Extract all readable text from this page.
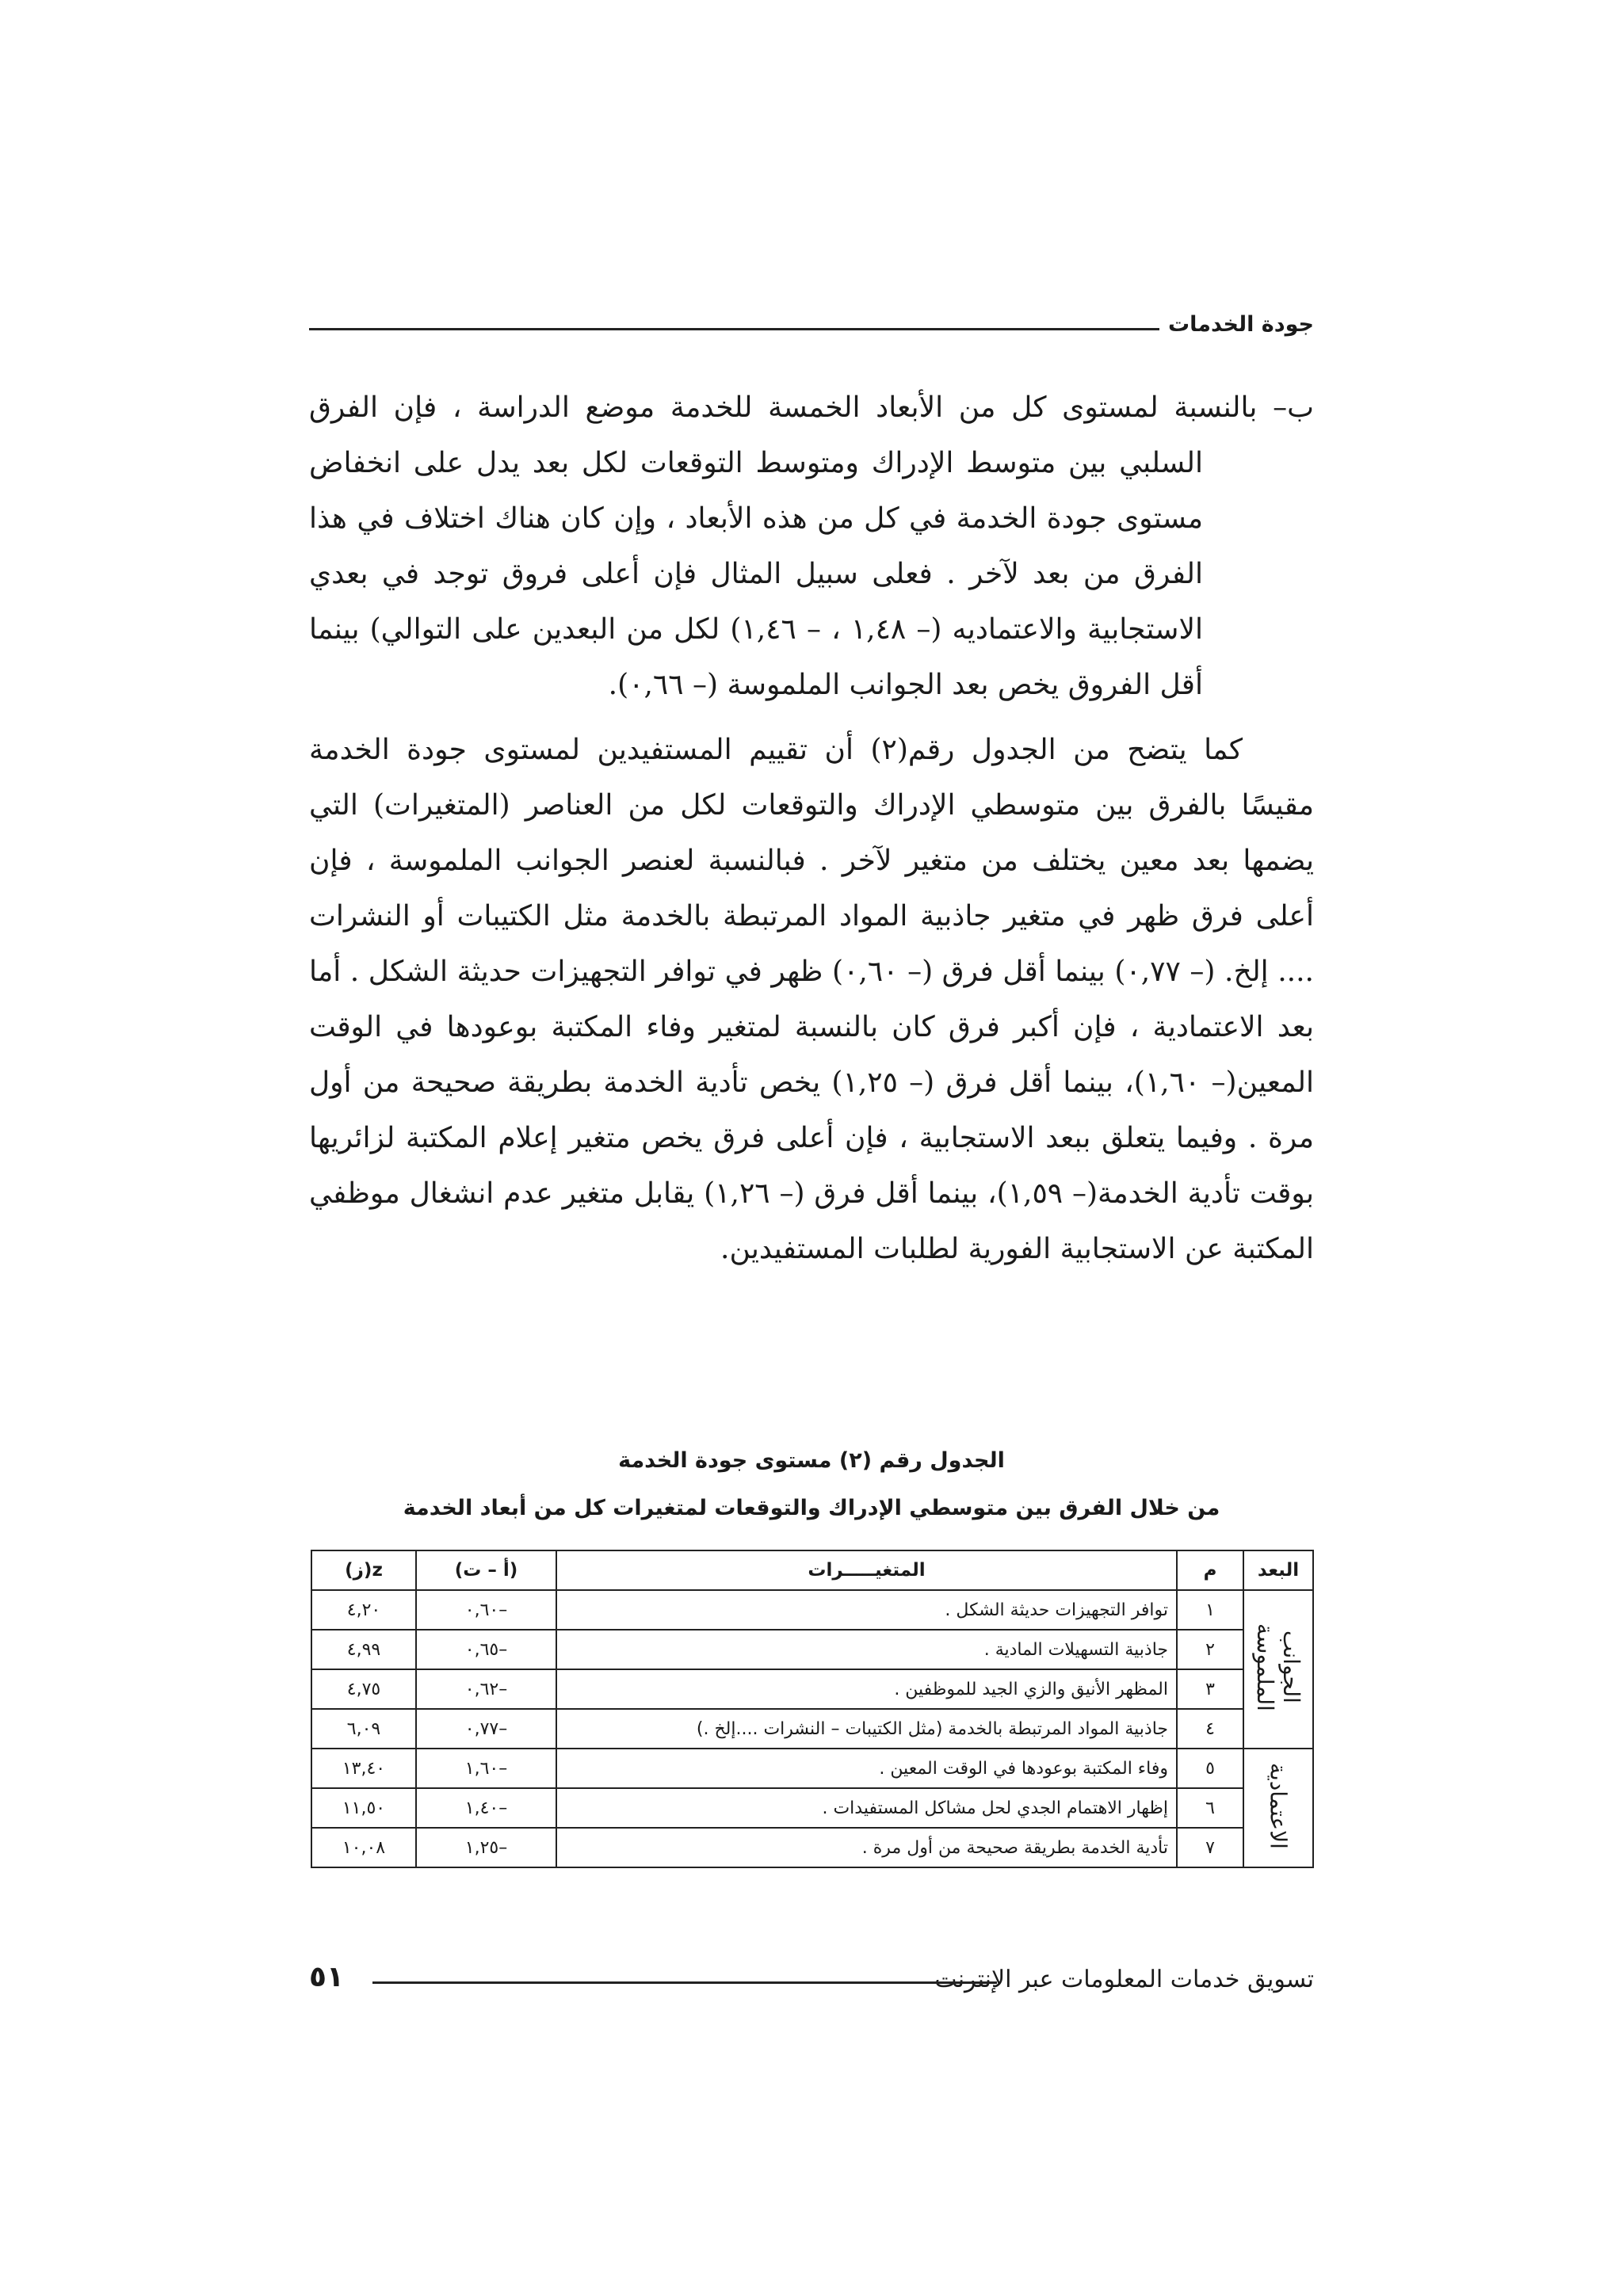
جودة الخدمات

ب– بالنسبة لمستوى كل من الأبعاد الخمسة للخدمة موضع الدراسة ، فإن الفرق السلبي بين متوسط الإدراك ومتوسط التوقعات لكل بعد يدل على انخفاض مستوى جودة الخدمة في كل من هذه الأبعاد ، وإن كان هناك اختلاف في هذا الفرق من بعد لآخر . فعلى سبيل المثال فإن أعلى فروق توجد في بعدي الاستجابية والاعتماديه (– ١,٤٨ ، – ١,٤٦) لكل من البعدين على التوالي) بينما أقل الفروق يخص بعد الجوانب الملموسة (– ٠,٦٦).

كما يتضح من الجدول رقم(٢) أن تقييم المستفيدين لمستوى جودة الخدمة مقيسًا بالفرق بين متوسطي الإدراك والتوقعات لكل من العناصر (المتغيرات) التي يضمها بعد معين يختلف من متغير لآخر . فبالنسبة لعنصر الجوانب الملموسة ، فإن أعلى فرق ظهر في متغير جاذبية المواد المرتبطة بالخدمة مثل الكتيبات أو النشرات .... إلخ. (– ٠,٧٧) بينما أقل فرق (– ٠,٦٠) ظهر في توافر التجهيزات حديثة الشكل . أما بعد الاعتمادية ، فإن أكبر فرق كان بالنسبة لمتغير وفاء المكتبة بوعودها في الوقت المعين(– ١,٦٠)، بينما أقل فرق (– ١,٢٥) يخص تأدية الخدمة بطريقة صحيحة من أول مرة . وفيما يتعلق ببعد الاستجابية ، فإن أعلى فرق يخص متغير إعلام المكتبة لزائريها بوقت تأدية الخدمة(– ١,٥٩)، بينما أقل فرق (– ١,٢٦) يقابل متغير عدم انشغال موظفي المكتبة عن الاستجابية الفورية لطلبات المستفيدين.

الجدول رقم (٢) مستوى جودة الخدمة
من خلال الفرق بين متوسطي الإدراك والتوقعات لمتغيرات كل من أبعاد الخدمة
البعد	م	المتغيـــــرات	(أ – ت)	z(ز)
الجوانب الملموسة	١	توافر التجهيزات حديثة الشكل .	–٠,٦٠	٤,٢٠
	٢	جاذبية التسهيلات المادية .	–٠,٦٥	٤,٩٩
	٣	المظهر الأنيق والزي الجيد للموظفين .	–٠,٦٢	٤,٧٥
	٤	جاذبية المواد المرتبطة بالخدمة (مثل الكتيبات – النشرات ....إلخ .)	–٠,٧٧	٦,٠٩
الاعتمادية	٥	وفاء المكتبة بوعودها في الوقت المعين .	–١,٦٠	١٣,٤٠
	٦	إظهار الاهتمام الجدي لحل مشاكل المستفيدات .	–١,٤٠	١١,٥٠
	٧	تأدية الخدمة بطريقة صحيحة من أول مرة .	–١,٢٥	١٠,٠٨
تسويق خدمات المعلومات عبر الإنترنت
٥١
